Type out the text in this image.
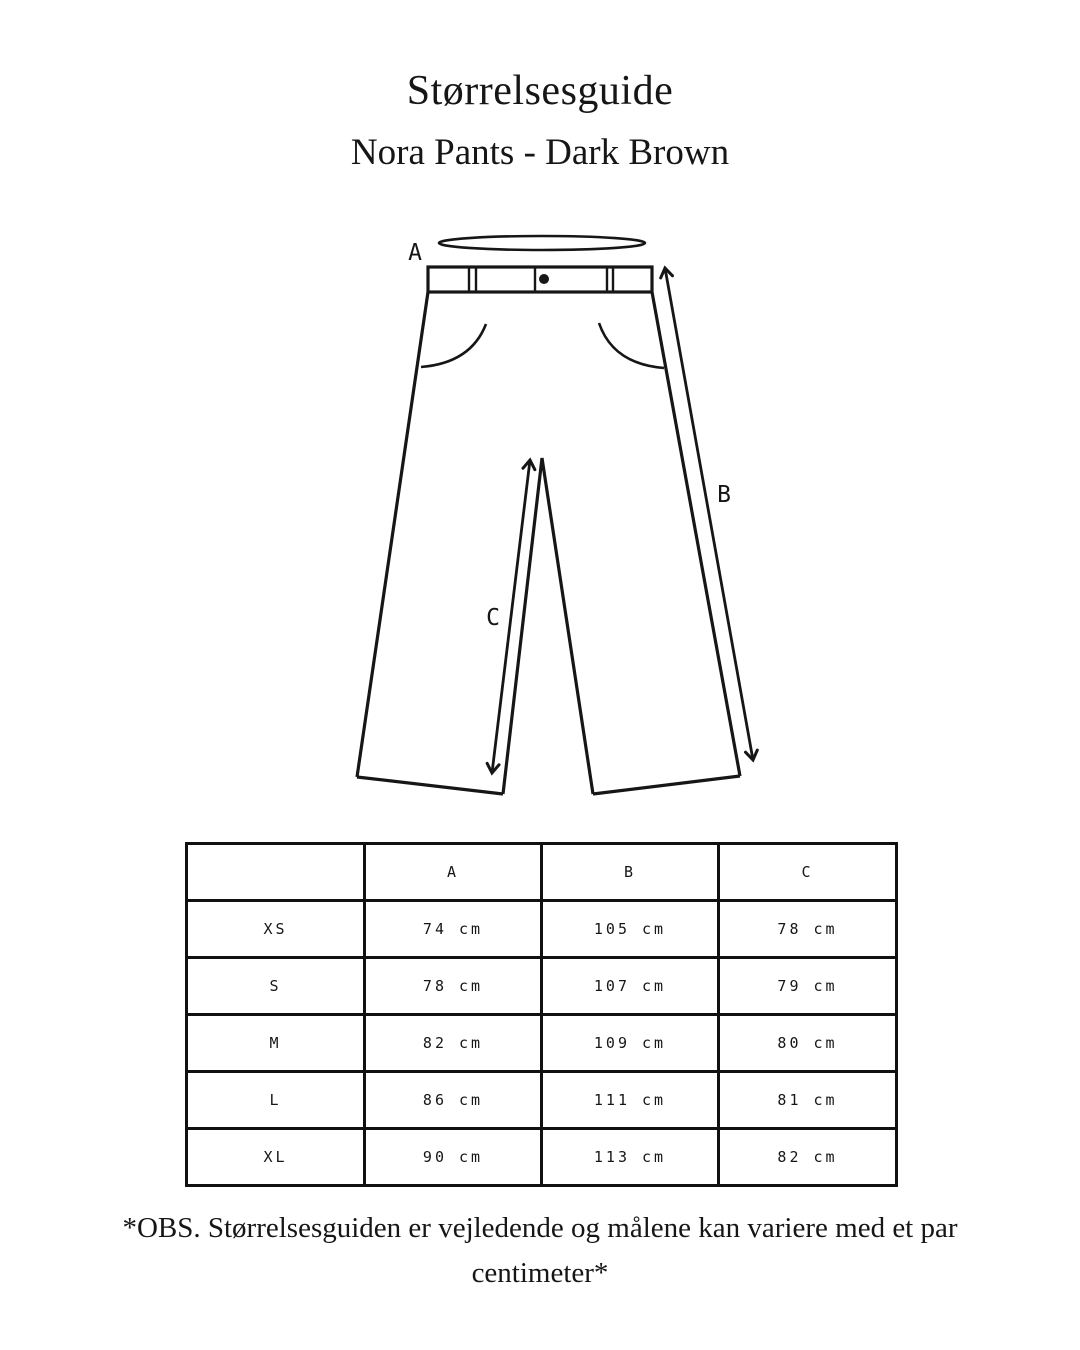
Størrelsesguide
Nora Pants - Dark Brown
A
B
C
	A	B	C
XS	74 cm	105 cm	78 cm
S	78 cm	107 cm	79 cm
M	82 cm	109 cm	80 cm
L	86 cm	111 cm	81 cm
XL	90 cm	113 cm	82 cm
*OBS. Størrelsesguiden er vejledende og målene kan variere med et par
centimeter*
